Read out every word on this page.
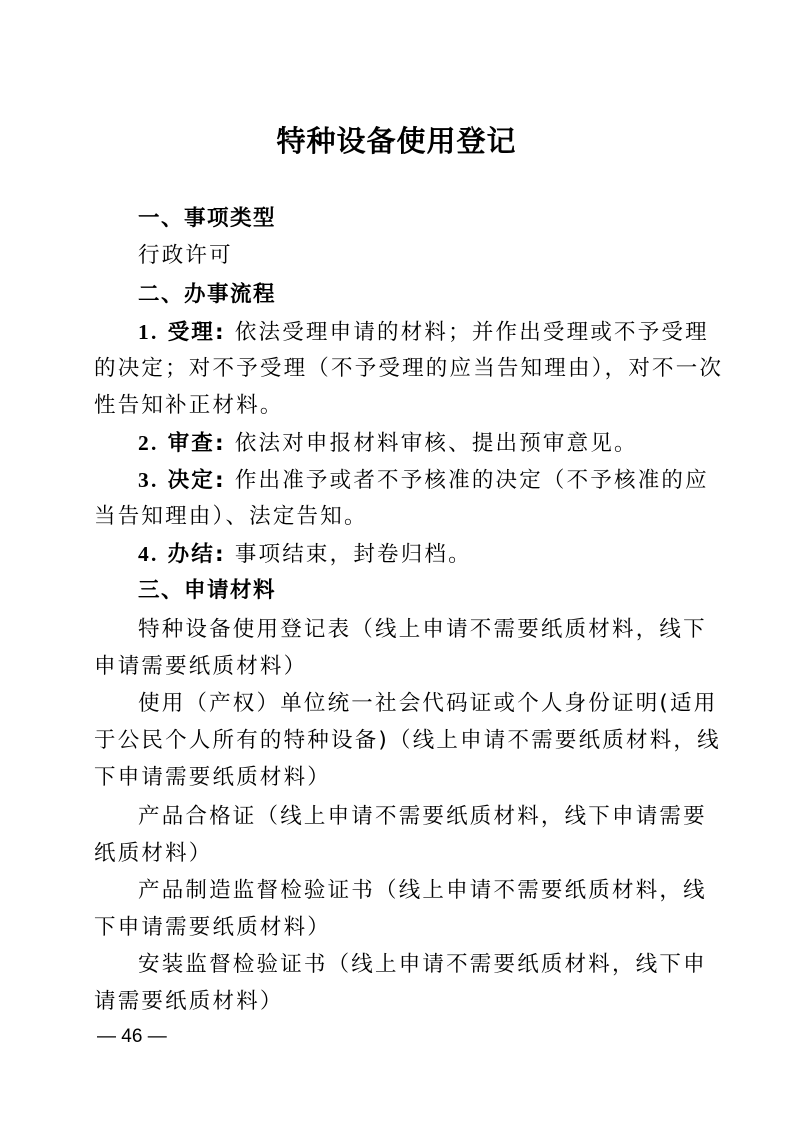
特种设备使用登记
一、事项类型
行政许可
二、办事流程
1. 受理: 依法受理申请的材料；并作出受理或不予受理
的决定；对不予受理（不予受理的应当告知理由），对不一次
性告知补正材料。
2. 审查: 依法对申报材料审核、提出预审意见。
3. 决定: 作出准予或者不予核准的决定（不予核准的应
当告知理由）、法定告知。
4. 办结: 事项结束，封卷归档。
三、申请材料
特种设备使用登记表（线上申请不需要纸质材料，线下
申请需要纸质材料）
使用（产权）单位统一社会代码证或个人身份证明(适用
于公民个人所有的特种设备)（线上申请不需要纸质材料，线
下申请需要纸质材料）
产品合格证（线上申请不需要纸质材料，线下申请需要
纸质材料）
产品制造监督检验证书（线上申请不需要纸质材料，线
下申请需要纸质材料）
安装监督检验证书（线上申请不需要纸质材料，线下申
请需要纸质材料）
— 46 —
